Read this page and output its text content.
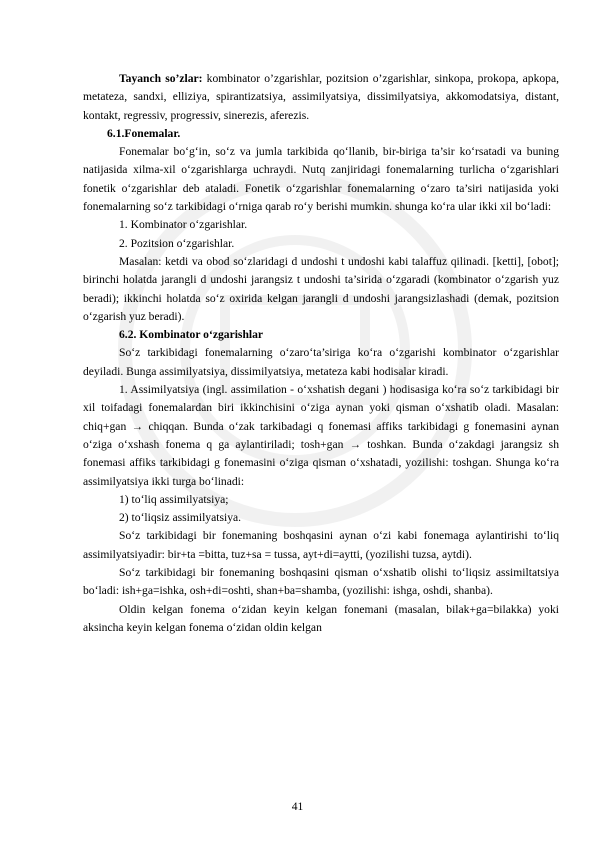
Tayanch so’zlar: kombinator o’zgarishlar, pozitsion o’zgarishlar, sinkopa, prokopa, apkopa, metateza, sandxi, elliziya, spirantizatsiya, assimilyatsiya, dissimilyatsiya, akkomodatsiya, distant, kontakt, regressiv, progressiv, sinerezis, aferezis.

6.1.Fonemalar.

Fonemalar bo‘g‘in, so‘z va jumla tarkibida qo‘llanib, bir-biriga ta’sir ko‘rsatadi va buning natijasida xilma-xil o‘zgarishlarga uchraydi. Nutq zanjiridagi fonemalarning turlicha o‘zgarishlari fonetik o‘zgarishlar deb ataladi. Fonetik o‘zgarishlar fonemalarning o‘zaro ta’siri natijasida yoki fonemalarning so‘z tarkibidagi o‘rniga qarab ro‘y berishi mumkin. shunga ko‘ra ular ikki xil bo‘ladi:

1. Kombinator o‘zgarishlar.

2. Pozitsion o‘zgarishlar.

Masalan: ketdi va obod so‘zlaridagi d undoshi t undoshi kabi talaffuz qilinadi. [ketti], [obot]; birinchi holatda jarangli d undoshi jarangsiz t undoshi ta’sirida o‘zgaradi (kombinator o‘zgarish yuz beradi); ikkinchi holatda so‘z oxirida kelgan jarangli d undoshi jarangsizlashadi (demak, pozitsion o‘zgarish yuz beradi).

6.2. Kombinator o‘zgarishlar

So‘z tarkibidagi fonemalarning o‘zaro‘ta’siriga ko‘ra o‘zgarishi kombinator o‘zgarishlar deyiladi. Bunga assimilyatsiya, dissimilyatsiya, metateza kabi hodisalar kiradi.

1. Assimilyatsiya (ingl. assimilation - o‘xshatish degani ) hodisasiga ko‘ra so‘z tarkibidagi bir xil toifadagi fonemalardan biri ikkinchisini o‘ziga aynan yoki qisman o‘xshatib oladi. Masalan: chiq+gan → chiqqan. Bunda o‘zak tarkibadagi q fonemasi affiks tarkibidagi g fonemasini aynan o‘ziga o‘xshash fonema q ga aylantiriladi; tosh+gan → toshkan. Bunda o‘zakdagi jarangsiz sh fonemasi affiks tarkibidagi g fonemasini o‘ziga qisman o‘xshatadi, yozilishi: toshgan. Shunga ko‘ra assimilyatsiya ikki turga bo‘linadi:

1) to‘liq assimilyatsiya;

2) to‘liqsiz assimilyatsiya.

So‘z tarkibidagi bir fonemaning boshqasini aynan o‘zi kabi fonemaga aylantirishi to‘liq assimilyatsiyadir: bir+ta =bitta, tuz+sa = tussa, ayt+di=aytti, (yozilishi tuzsa, aytdi).

So‘z tarkibidagi bir fonemaning boshqasini qisman o‘xshatib olishi to‘liqsiz assimiltatsiya bo‘ladi: ish+ga=ishka, osh+di=oshti, shan+ba=shamba, (yozilishi: ishga, oshdi, shanba).

Oldin kelgan fonema o‘zidan keyin kelgan fonemani (masalan, bilak+ga=bilakka) yoki aksincha keyin kelgan fonema o‘zidan oldin kelgan

41
